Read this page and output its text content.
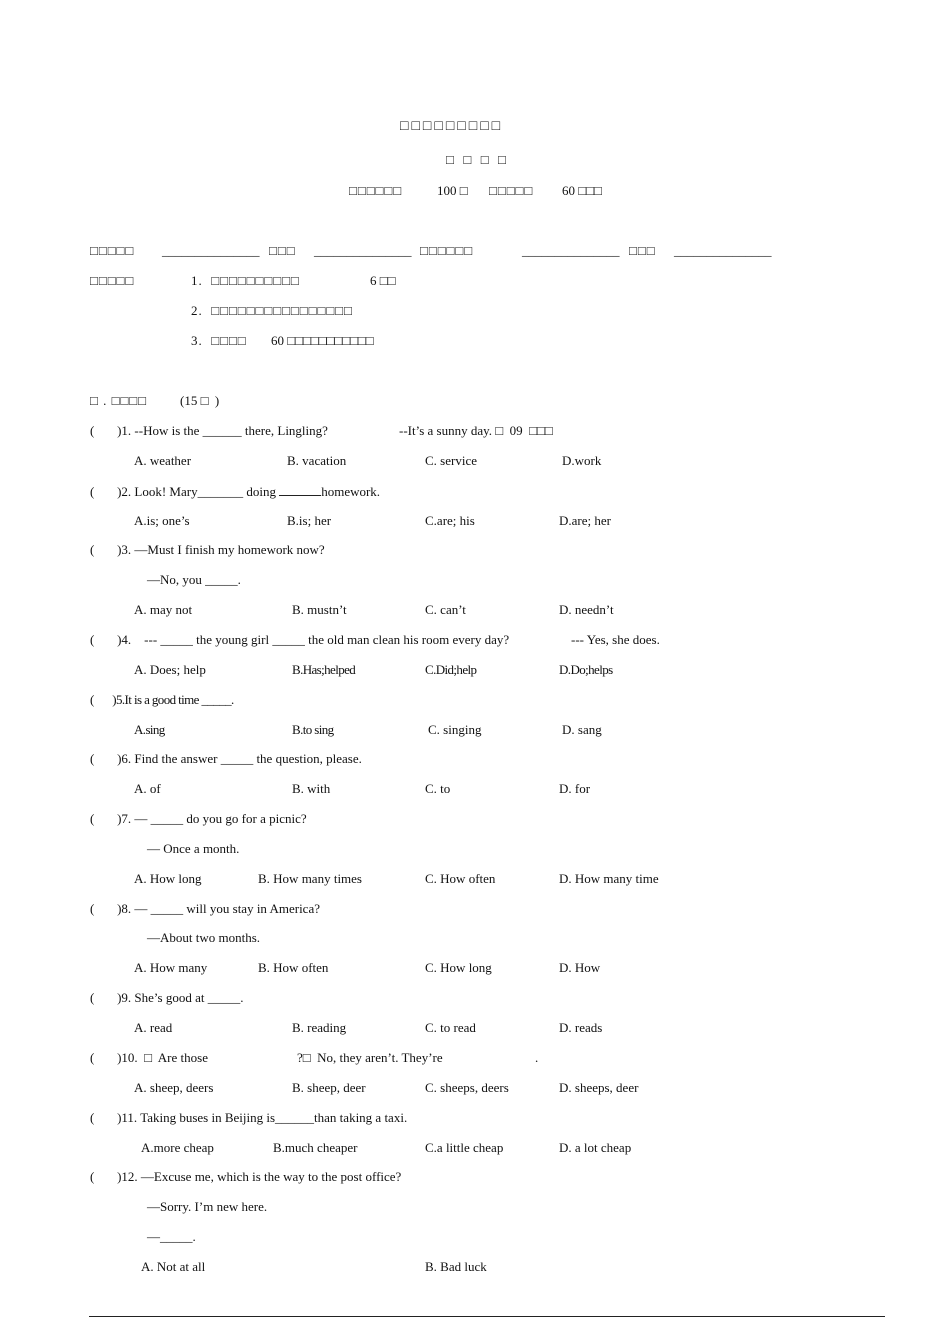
□□□□□□□□□
□  □  □  □
□□□□□□	100 □ □□□□□ 60 □□□
□□□□□ _______________ □□□ _______________ □□□□□□	_______________ □□□ _______________
□□□□□	1.  □□□□□□□□□□	6 □□
2.  □□□□□□□□□□□□□□□□
3.  □□□□ 60 □□□□□□□□□□□
□ . □□□□	(15 □  )
(       )1. --How is the ______ there, Lingling?	--It’s a sunny day. □  09  □□□
A. weather	B. vacation	C. service	D.work
(       )2. Look! Mary_______ doing	homework.
A.is; one’s	B.is; her	C.are; his	D.are; her
(       )3. —Must I finish my homework now?
—No, you _____.
A. may not	B. mustn’t	C. can’t	D. needn’t
(       )4.    --- _____ the young girl _____ the old man clean his room every day?	--- Yes, she does.
A. Does; help	B.Has;helped	C.Did;help	D.Do;helps
(       )5.It is a good time _____.
A.sing	B.to sing	C. singing	D. sang
(       )6. Find the answer _____ the question, please.
A. of	B. with	C. to	D. for
(       )7. — _____ do you go for a picnic?
— Once a month.
A. How long	B. How many times	C. How often	D. How many time
(       )8. — _____ will you stay in America?
—About two months.
A. How many	B. How often	C. How long	D. How
(       )9. She’s good at _____.
A. read	B. reading	C. to read	D. reads
(       )10.  □  Are those	?□  No, they aren’t. They’re	.
A. sheep, deers	B. sheep, deer	C. sheeps, deers	D. sheeps, deer
(       )11. Taking buses in Beijing is______than taking a taxi.
A.more cheap	B.much cheaper	C.a little cheap	D. a lot cheap
(       )12. —Excuse me, which is the way to the post office?
—Sorry. I’m new here.
—_____.
A. Not at all	B. Bad luck
